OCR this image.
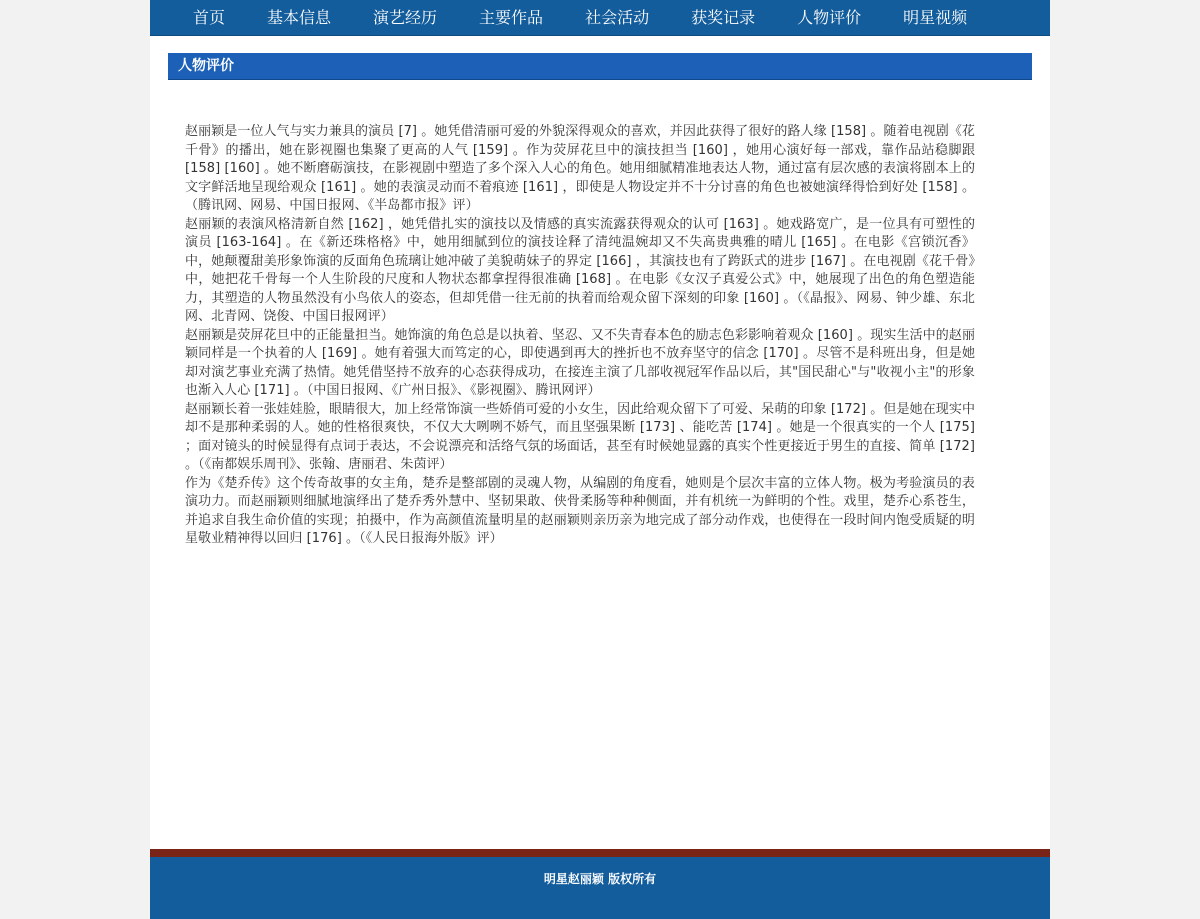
首页	基本信息	演艺经历	主要作品	社会活动	获奖记录	人物评价	明星视频
人物评价

赵丽颖是一位人气与实力兼具的演员 [7] 。她凭借清丽可爱的外貌深得观众的喜欢，并因此获得了很好的路人缘 [158] 。随着电视剧《花千骨》的播出，她在影视圈也集聚了更高的人气 [159] 。作为荧屏花旦中的演技担当 [160] ，她用心演好每一部戏，靠作品站稳脚跟 [158] [160] 。她不断磨砺演技，在影视剧中塑造了多个深入人心的角色。她用细腻精准地表达人物，通过富有层次感的表演将剧本上的文字鲜活地呈现给观众 [161] 。她的表演灵动而不着痕迹 [161] ，即使是人物设定并不十分讨喜的角色也被她演绎得恰到好处 [158] 。（腾讯网、网易、中国日报网、《半岛都市报》评）

赵丽颖的表演风格清新自然 [162] ，她凭借扎实的演技以及情感的真实流露获得观众的认可 [163] 。她戏路宽广，是一位具有可塑性的演员 [163-164] 。在《新还珠格格》中，她用细腻到位的演技诠释了清纯温婉却又不失高贵典雅的晴儿 [165] 。在电影《宫锁沉香》中，她颠覆甜美形象饰演的反面角色琉璃让她冲破了美貌萌妹子的界定 [166] ，其演技也有了跨跃式的进步 [167] 。在电视剧《花千骨》中，她把花千骨每一个人生阶段的尺度和人物状态都拿捏得很准确 [168] 。在电影《女汉子真爱公式》中，她展现了出色的角色塑造能力，其塑造的人物虽然没有小鸟依人的姿态，但却凭借一往无前的执着而给观众留下深刻的印象 [160] 。（《晶报》、网易、钟少雄、东北网、北青网、饶俊、中国日报网评）

赵丽颖是荧屏花旦中的正能量担当。她饰演的角色总是以执着、坚忍、又不失青春本色的励志色彩影响着观众 [160] 。现实生活中的赵丽颖同样是一个执着的人 [169] 。她有着强大而笃定的心，即使遇到再大的挫折也不放弃坚守的信念 [170] 。尽管不是科班出身，但是她却对演艺事业充满了热情。她凭借坚持不放弃的心态获得成功，在接连主演了几部收视冠军作品以后，其"国民甜心"与"收视小主"的形象也渐入人心 [171] 。（中国日报网、《广州日报》、《影视圈》、腾讯网评）

赵丽颖长着一张娃娃脸，眼睛很大，加上经常饰演一些娇俏可爱的小女生，因此给观众留下了可爱、呆萌的印象 [172] 。但是她在现实中却不是那种柔弱的人。她的性格很爽快，不仅大大咧咧不娇气，而且坚强果断 [173] 、能吃苦 [174] 。她是一个很真实的一个人 [175] ；面对镜头的时候显得有点词于表达，不会说漂亮和活络气氛的场面话，甚至有时候她显露的真实个性更接近于男生的直接、简单 [172] 。（《南都娱乐周刊》、张翰、唐丽君、朱茵评）

作为《楚乔传》这个传奇故事的女主角，楚乔是整部剧的灵魂人物，从编剧的角度看，她则是个层次丰富的立体人物。极为考验演员的表演功力。而赵丽颖则细腻地演绎出了楚乔秀外慧中、坚韧果敢、侠骨柔肠等种种侧面，并有机统一为鲜明的个性。戏里，楚乔心系苍生，并追求自我生命价值的实现；拍摄中，作为高颜值流量明星的赵丽颖则亲历亲为地完成了部分动作戏，也使得在一段时间内饱受质疑的明星敬业精神得以回归 [176] 。（《人民日报海外版》评）

明星赵丽颖 版权所有
